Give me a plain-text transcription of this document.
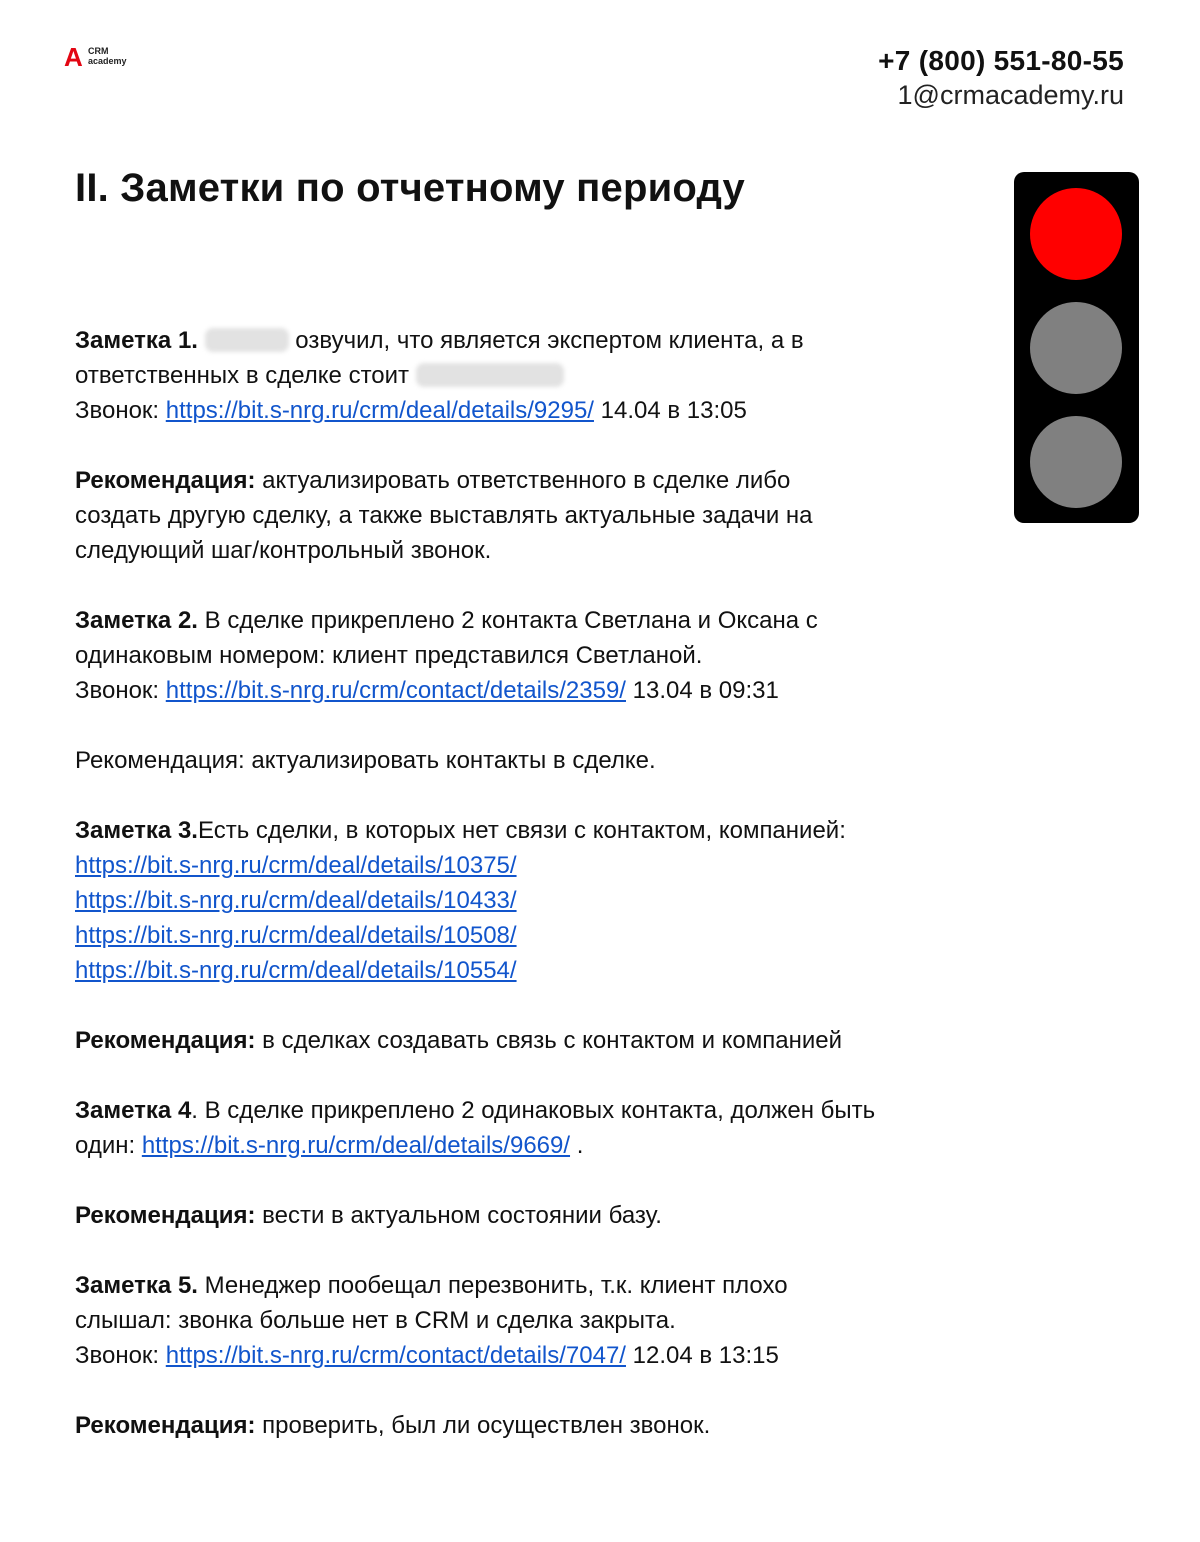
A CRM
academy	+7 (800) 551-80-55
1@crmacademy.ru
II. Заметки по отчетному периоду

Заметка 1.	озвучил, что является экспертом клиента, а в
ответственных в сделке стоит
Звонок: https://bit.s-nrg.ru/crm/deal/details/9295/ 14.04 в 13:05

Рекомендация: актуализировать ответственного в сделке либо
создать другую сделку, а также выставлять актуальные задачи на
следующий шаг/контрольный звонок.

Заметка 2. В сделке прикреплено 2 контакта Светлана и Оксана с
одинаковым номером: клиент представился Светланой.
Звонок: https://bit.s-nrg.ru/crm/contact/details/2359/ 13.04 в 09:31

Рекомендация: актуализировать контакты в сделке.

Заметка 3.Есть сделки, в которых нет связи с контактом, компанией:
https://bit.s-nrg.ru/crm/deal/details/10375/
https://bit.s-nrg.ru/crm/deal/details/10433/
https://bit.s-nrg.ru/crm/deal/details/10508/
https://bit.s-nrg.ru/crm/deal/details/10554/

Рекомендация: в сделках создавать связь с контактом и компанией

Заметка 4. В сделке прикреплено 2 одинаковых контакта, должен быть
один: https://bit.s-nrg.ru/crm/deal/details/9669/ .

Рекомендация: вести в актуальном состоянии базу.

Заметка 5. Менеджер пообещал перезвонить, т.к. клиент плохо
слышал: звонка больше нет в CRM и сделка закрыта.
Звонок: https://bit.s-nrg.ru/crm/contact/details/7047/ 12.04 в 13:15

Рекомендация: проверить, был ли осуществлен звонок.
